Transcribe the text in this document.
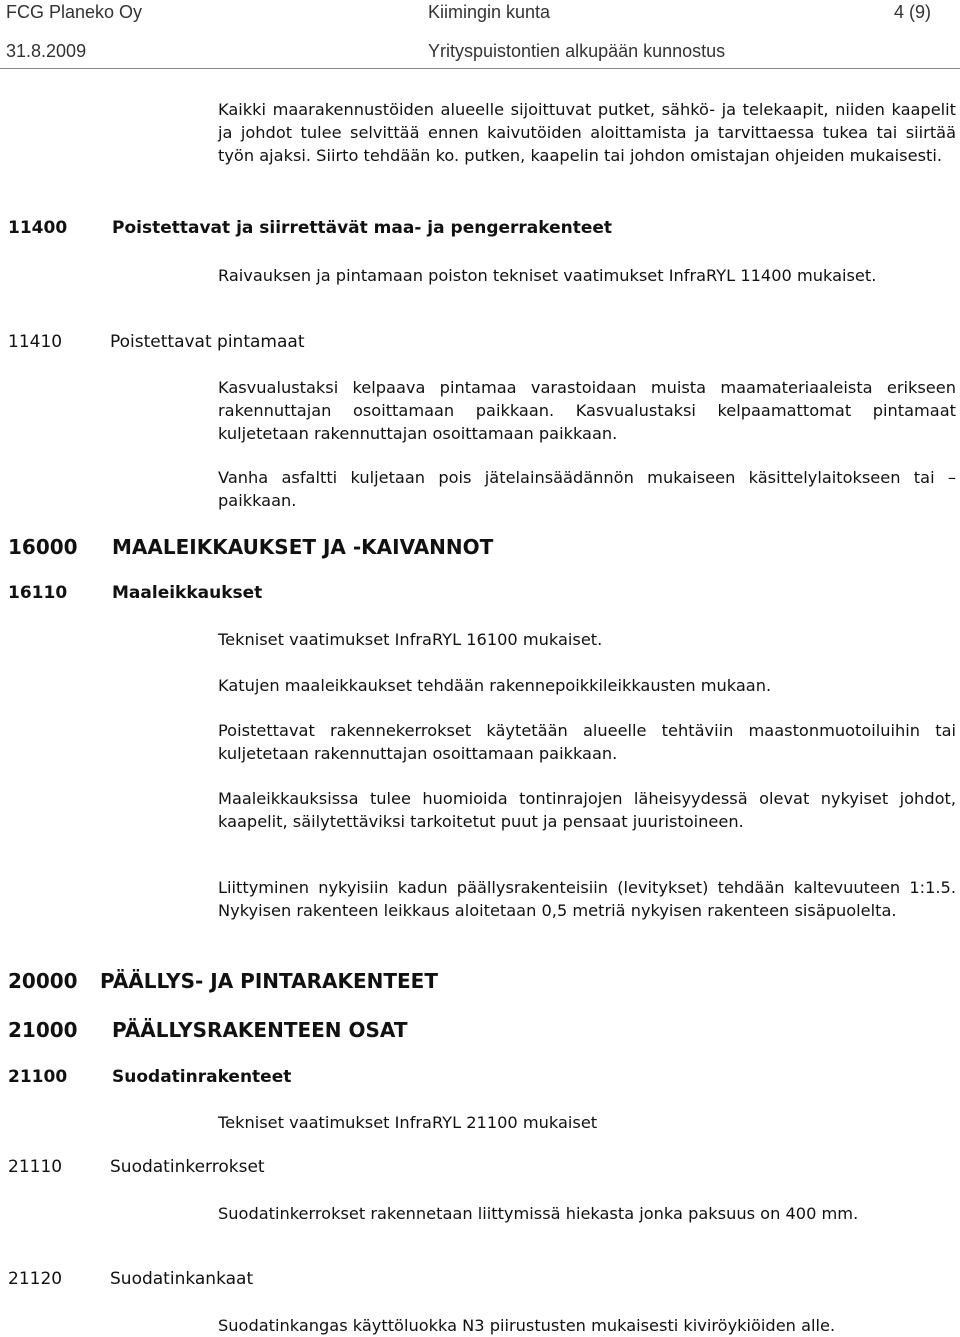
FCG Planeko Oy	Kiimingin kunta	4 (9)
31.8.2009	Yrityspuistontien alkupään kunnostus
Kaikki maarakennustöiden alueelle sijoittuvat putket, sähkö- ja telekaapit, niiden kaapelit ja johdot tulee selvittää ennen kaivutöiden aloittamista ja tarvittaessa tukea tai siirtää työn ajaksi. Siirto tehdään ko. putken, kaapelin tai johdon omistajan ohjeiden mukaisesti.
11400	Poistettavat ja siirrettävät maa- ja pengerrakenteet
Raivauksen ja pintamaan poiston tekniset vaatimukset InfraRYL 11400 mukaiset.
11410	Poistettavat pintamaat
Kasvualustaksi kelpaava pintamaa varastoidaan muista maamateriaaleista erikseen rakennuttajan osoittamaan paikkaan. Kasvualustaksi kelpaamattomat pintamaat kuljetetaan rakennuttajan osoittamaan paikkaan.
Vanha asfaltti kuljetaan pois jätelainsäädännön mukaiseen käsittelylaitokseen tai –paikkaan.
16000 MAALEIKKAUKSET JA -KAIVANNOT
16110	Maaleikkaukset
Tekniset vaatimukset InfraRYL 16100 mukaiset.
Katujen maaleikkaukset tehdään rakennepoikkileikkausten mukaan.
Poistettavat rakennekerrokset käytetään alueelle tehtäviin maastonmuotoiluihin tai kuljetetaan rakennuttajan osoittamaan paikkaan.
Maaleikkauksissa tulee huomioida tontinrajojen läheisyydessä olevat nykyiset johdot, kaapelit, säilytettäviksi tarkoitetut puut ja pensaat juuristoineen.
Liittyminen nykyisiin kadun päällysrakenteisiin (levitykset) tehdään kaltevuuteen 1:1.5. Nykyisen rakenteen leikkaus aloitetaan 0,5 metriä nykyisen rakenteen sisäpuolelta.
20000 PÄÄLLYS- JA PINTARAKENTEET
21000 PÄÄLLYSRAKENTEEN OSAT
21100	Suodatinrakenteet
Tekniset vaatimukset InfraRYL 21100 mukaiset
21110	Suodatinkerrokset
Suodatinkerrokset rakennetaan liittymissä hiekasta jonka paksuus on 400 mm.
21120	Suodatinkankaat
Suodatinkangas käyttöluokka N3 piirustusten mukaisesti kiviröykiöiden alle.
